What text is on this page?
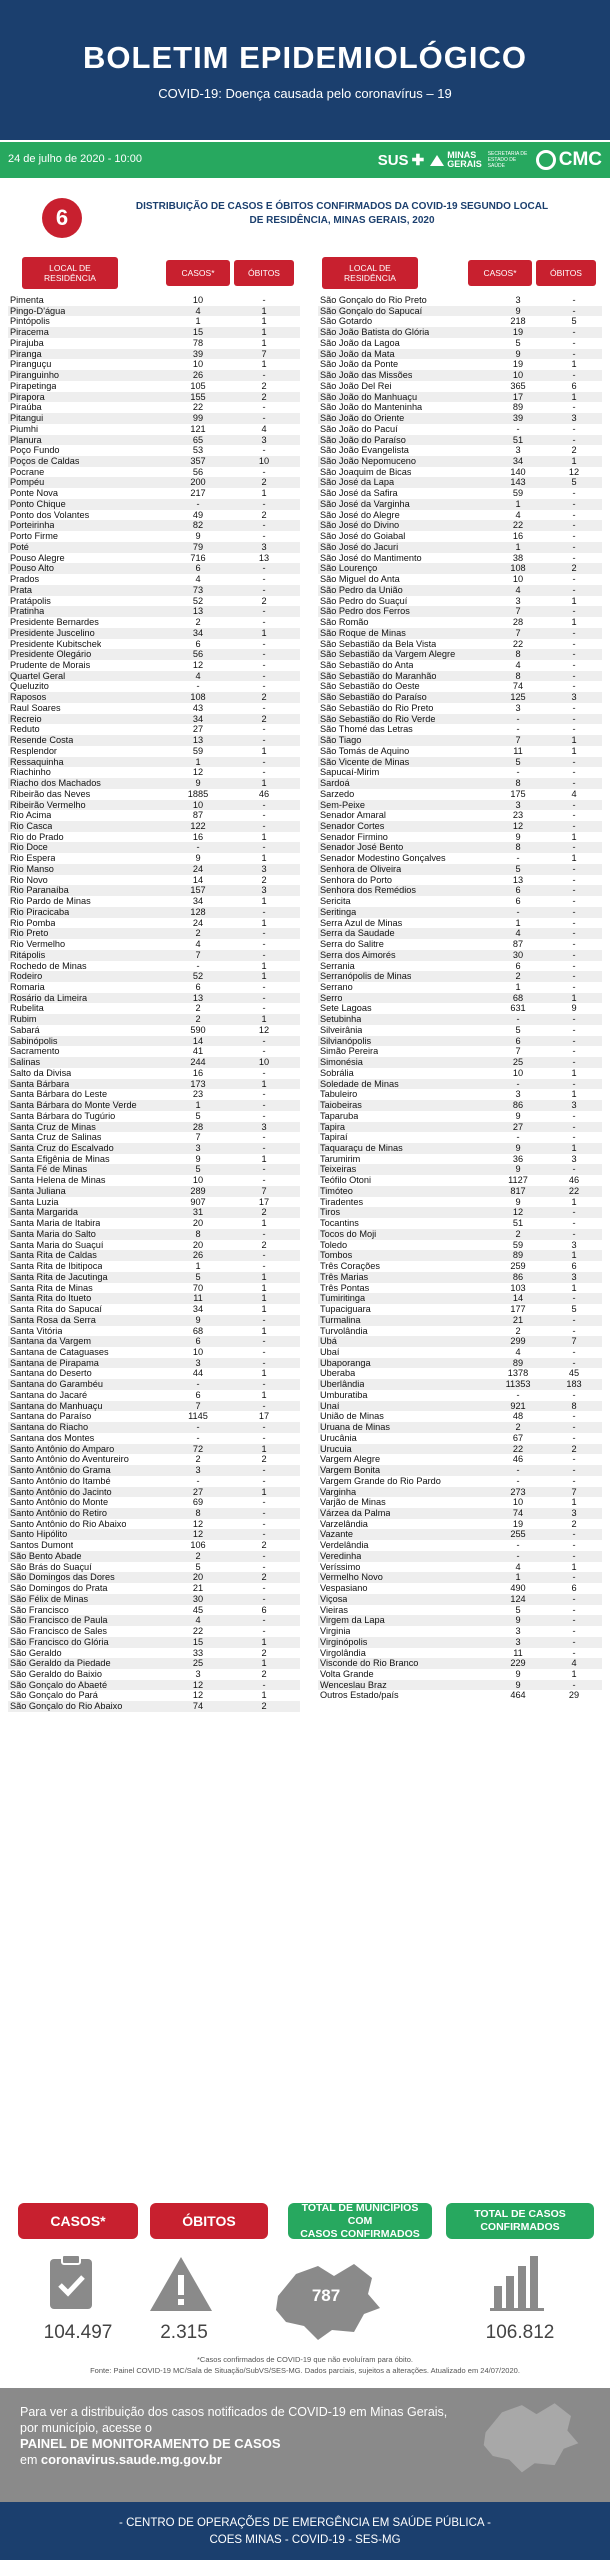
BOLETIM EPIDEMIOLÓGICO
COVID-19: Doença causada pelo coronavírus – 19
24 de julho de 2020 - 10:00	SUS ✚	MINAS
GERAIS
SECRETARIA DE
ESTADO DE SAÚDE	CMC
6	DISTRIBUIÇÃO DE CASOS E ÓBITOS CONFIRMADOS DA COVID-19 SEGUNDO LOCAL
DE RESIDÊNCIA, MINAS GERAIS, 2020
LOCAL DE RESIDÊNCIA	CASOS*	ÓBITOS	LOCAL DE RESIDÊNCIA	CASOS*	ÓBITOS
Pimenta	10	-
Pingo-D'água	4	1
Pintópolis	1	1
Piracema	15	1
Pirajuba	78	1
Piranga	39	7
Piranguçu	10	1
Piranguinho	26	-
Pirapetinga	105	2
Pirapora	155	2
Piraúba	22	-
Pitangui	99	-
Piumhi	121	4
Planura	65	3
Poço Fundo	53	-
Poços de Caldas	357	10
Pocrane	56	-
Pompéu	200	2
Ponte Nova	217	1
Ponto Chique	-	-
Ponto dos Volantes	49	2
Porteirinha	82	-
Porto Firme	9	-
Poté	79	3
Pouso Alegre	716	13
Pouso Alto	6	-
Prados	4	-
Prata	73	-
Pratápolis	52	2
Pratinha	13	-
Presidente Bernardes	2	-
Presidente Juscelino	34	1
Presidente Kubitschek	6	-
Presidente Olegário	56	-
Prudente de Morais	12	-
Quartel Geral	4	-
Queluzito	-	-
Raposos	108	2
Raul Soares	43	-
Recreio	34	2
Reduto	27	-
Resende Costa	13	-
Resplendor	59	1
Ressaquinha	1	-
Riachinho	12	-
Riacho dos Machados	9	1
Ribeirão das Neves	1885	46
Ribeirão Vermelho	10	-
Rio Acima	87	-
Rio Casca	122	-
Rio do Prado	16	1
Rio Doce	-	-
Rio Espera	9	1
Rio Manso	24	3
Rio Novo	14	2
Rio Paranaíba	157	3
Rio Pardo de Minas	34	1
Rio Piracicaba	128	-
Rio Pomba	24	1
Rio Preto	2	-
Rio Vermelho	4	-
Ritápolis	7	-
Rochedo de Minas	-	1
Rodeiro	52	1
Romaria	6	-
Rosário da Limeira	13	-
Rubelita	2	-
Rubim	2	1
Sabará	590	12
Sabinópolis	14	-
Sacramento	41	-
Salinas	244	10
Salto da Divisa	16	-
Santa Bárbara	173	1
Santa Bárbara do Leste	23	-
Santa Bárbara do Monte Verde	1	-
Santa Bárbara do Tugúrio	5	-
Santa Cruz de Minas	28	3
Santa Cruz de Salinas	7	-
Santa Cruz do Escalvado	3	-
Santa Efigênia de Minas	9	1
Santa Fé de Minas	5	-
Santa Helena de Minas	10	-
Santa Juliana	289	7
Santa Luzia	907	17
Santa Margarida	31	2
Santa Maria de Itabira	20	1
Santa Maria do Salto	8	-
Santa Maria do Suaçuí	20	2
Santa Rita de Caldas	26	-
Santa Rita de Ibitipoca	1	-
Santa Rita de Jacutinga	5	1
Santa Rita de Minas	70	1
Santa Rita do Itueto	11	1
Santa Rita do Sapucaí	34	1
Santa Rosa da Serra	9	-
Santa Vitória	68	1
Santana da Vargem	6	-
Santana de Cataguases	10	-
Santana de Pirapama	3	-
Santana do Deserto	44	1
Santana do Garambéu	-	-
Santana do Jacaré	6	1
Santana do Manhuaçu	7	-
Santana do Paraíso	1145	17
Santana do Riacho	-	-
Santana dos Montes	-	-
Santo Antônio do Amparo	72	1
Santo Antônio do Aventureiro	2	2
Santo Antônio do Grama	3	-
Santo Antônio do Itambé	-	-
Santo Antônio do Jacinto	27	1
Santo Antônio do Monte	69	-
Santo Antônio do Retiro	8	-
Santo Antônio do Rio Abaixo	12	-
Santo Hipólito	12	-
Santos Dumont	106	2
São Bento Abade	2	-
São Brás do Suaçuí	5	-
São Domingos das Dores	20	2
São Domingos do Prata	21	-
São Félix de Minas	30	-
São Francisco	45	6
São Francisco de Paula	4	-
São Francisco de Sales	22	-
São Francisco do Glória	15	1
São Geraldo	33	2
São Geraldo da Piedade	25	1
São Geraldo do Baixio	3	2
São Gonçalo do Abaeté	12	-
São Gonçalo do Pará	12	1
São Gonçalo do Rio Abaixo	74	2
São Gonçalo do Rio Preto	3	-
São Gonçalo do Sapucaí	9	-
São Gotardo	218	5
São João Batista do Glória	19	-
São João da Lagoa	5	-
São João da Mata	9	-
São João da Ponte	19	1
São João das Missões	10	-
São João Del Rei	365	6
São João do Manhuaçu	17	1
São João do Manteninha	89	-
São João do Oriente	39	3
São João do Pacuí	-	-
São João do Paraíso	51	-
São João Evangelista	3	2
São João Nepomuceno	34	1
São Joaquim de Bicas	140	12
São José da Lapa	143	5
São José da Safira	59	-
São José da Varginha	1	-
São José do Alegre	4	-
São José do Divino	22	-
São José do Goiabal	16	-
São José do Jacuri	1	-
São José do Mantimento	38	-
São Lourenço	108	2
São Miguel do Anta	10	-
São Pedro da União	4	-
São Pedro do Suaçuí	3	1
São Pedro dos Ferros	7	-
São Romão	28	1
São Roque de Minas	7	-
São Sebastião da Bela Vista	22	-
São Sebastião da Vargem Alegre	8	-
São Sebastião do Anta	4	-
São Sebastião do Maranhão	8	-
São Sebastião do Oeste	74	-
São Sebastião do Paraíso	125	3
São Sebastião do Rio Preto	3	-
São Sebastião do Rio Verde	-	-
São Thomé das Letras	-	-
São Tiago	7	1
São Tomás de Aquino	11	1
São Vicente de Minas	5	-
Sapucaí-Mirim	-	-
Sardoá	8	-
Sarzedo	175	4
Sem-Peixe	3	-
Senador Amaral	23	-
Senador Cortes	12	-
Senador Firmino	9	1
Senador José Bento	8	-
Senador Modestino Gonçalves	-	1
Senhora de Oliveira	5	-
Senhora do Porto	13	-
Senhora dos Remédios	6	-
Sericita	6	-
Seritinga	-	-
Serra Azul de Minas	1	-
Serra da Saudade	4	-
Serra do Salitre	87	-
Serra dos Aimorés	30	-
Serrania	6	-
Serranópolis de Minas	2	-
Serrano	1	-
Serro	68	1
Sete Lagoas	631	9
Setubinha	-	-
Silveirânia	5	-
Silvianópolis	6	-
Simão Pereira	7	-
Simonésia	25	-
Sobrália	10	1
Soledade de Minas	-	-
Tabuleiro	3	1
Taiobeiras	86	3
Taparuba	9	-
Tapira	27	-
Tapiraí	-	-
Taquaraçu de Minas	9	1
Tarumirim	36	3
Teixeiras	9	-
Teófilo Otoni	1127	46
Timóteo	817	22
Tiradentes	9	1
Tiros	12	-
Tocantins	51	-
Tocos do Moji	2	-
Toledo	59	3
Tombos	89	1
Três Corações	259	6
Três Marias	86	3
Três Pontas	103	1
Tumiritinga	14	-
Tupaciguara	177	5
Turmalina	21	-
Turvolândia	2	-
Ubá	299	7
Ubaí	4	-
Ubaporanga	89	-
Uberaba	1378	45
Uberlândia	11353	183
Umburatiba	-	-
Unaí	921	8
União de Minas	48	-
Uruana de Minas	2	-
Urucânia	67	-
Urucuia	22	2
Vargem Alegre	46	-
Vargem Bonita	-	-
Vargem Grande do Rio Pardo	-	-
Varginha	273	7
Varjão de Minas	10	1
Várzea da Palma	74	3
Varzelândia	19	2
Vazante	255	-
Verdelândia	-	-
Veredinha	-	-
Veríssimo	4	1
Vermelho Novo	1	-
Vespasiano	490	6
Viçosa	124	-
Vieiras	5	-
Virgem da Lapa	9	-
Virginia	3	-
Virginópolis	3	-
Virgolândia	11	-
Visconde do Rio Branco	229	4
Volta Grande	9	1
Wenceslau Braz	9	-
Outros Estado/país	464	29
CASOS*	ÓBITOS
TOTAL DE MUNICÍPIOS COM
CASOS CONFIRMADOS
TOTAL DE CASOS
CONFIRMADOS
787
104.497	2.315	106.812
*Casos confirmados de COVID-19 que não evoluíram para óbito.
Fonte: Painel COVID-19 MC/Sala de Situação/SubVS/SES-MG. Dados parciais, sujeitos a alterações. Atualizado em 24/07/2020.
Para ver a distribuição dos casos notificados de COVID-19 em Minas Gerais,
por município, acesse o
PAINEL DE MONITORAMENTO DE CASOS
em coronavirus.saude.mg.gov.br
- CENTRO DE OPERAÇÕES DE EMERGÊNCIA EM SAÚDE PÚBLICA -
COES MINAS - COVID-19 - SES-MG
